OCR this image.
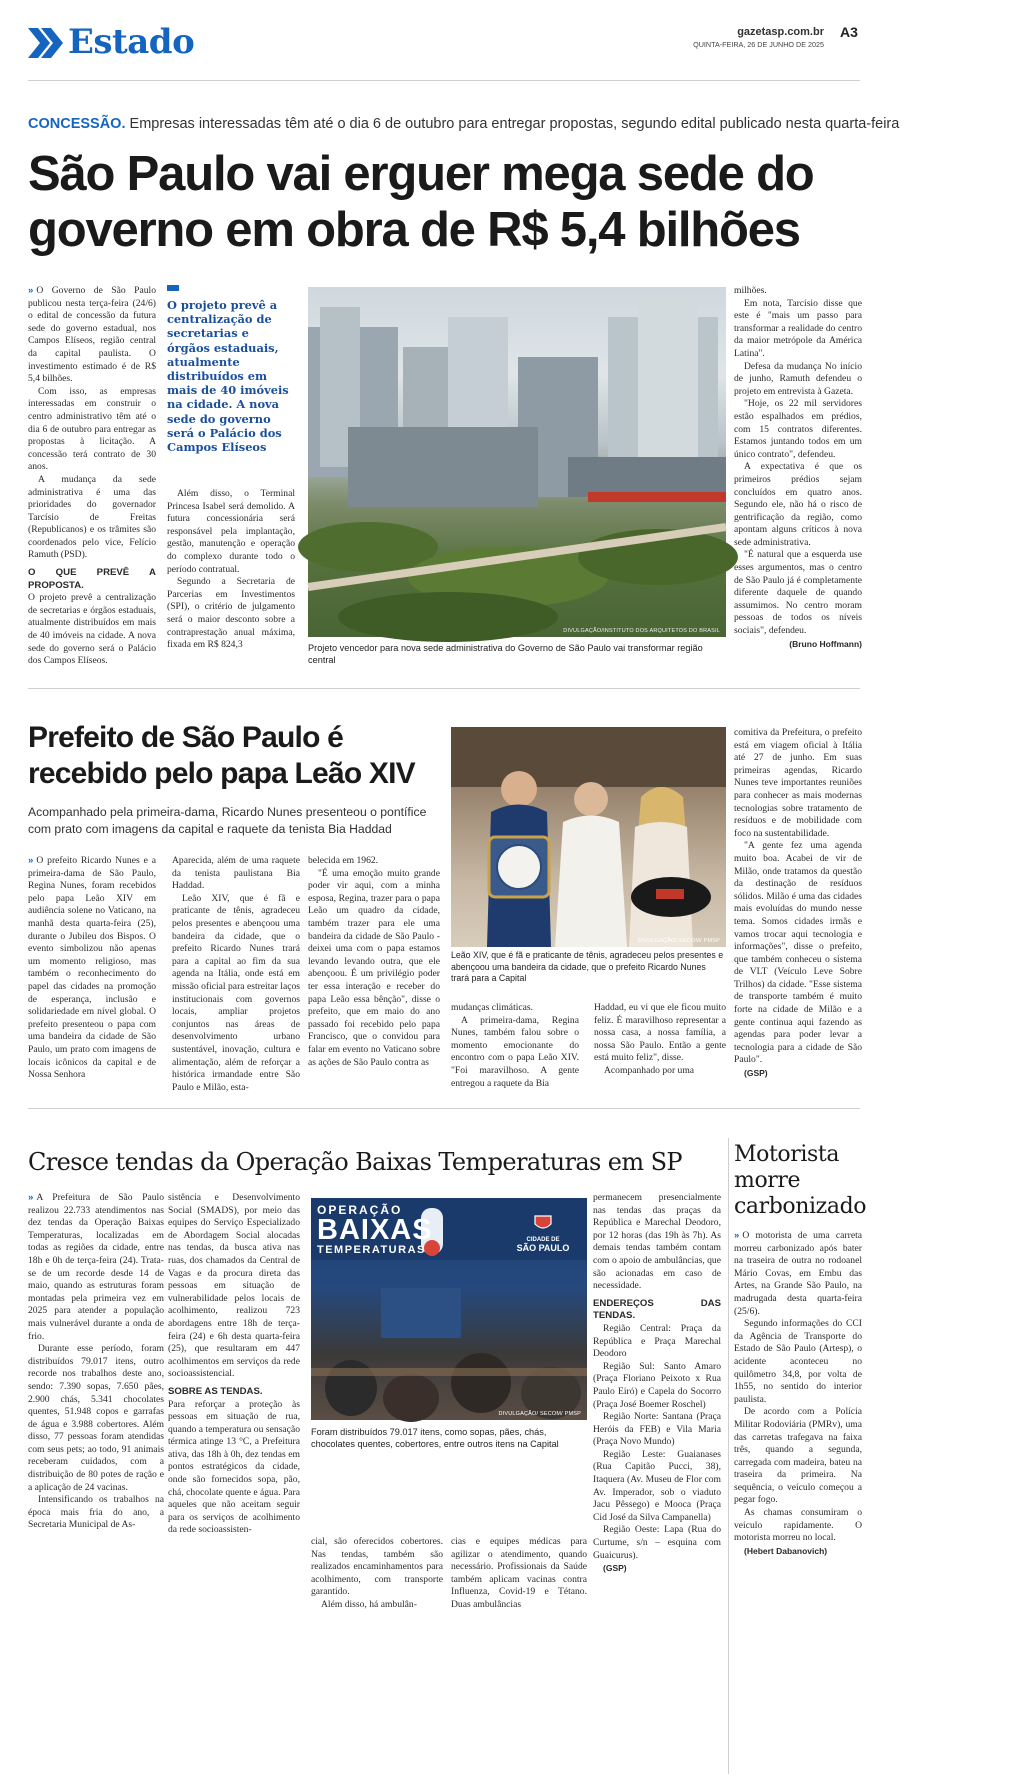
Estado	gazetasp.com.br
QUINTA-FEIRA, 26 DE JUNHO DE 2025
A3
CONCESSÃO. Empresas interessadas têm até o dia 6 de outubro para entregar propostas, segundo edital publicado nesta quarta-feira
São Paulo vai erguer mega sede do
governo em obra de R$ 5,4 bilhões

» O Governo de São Paulo publicou nesta terça-feira (24/6) o edital de concessão da futura sede do governo estadual, nos Campos Elíseos, região central da capital paulista. O investimento estimado é de R$ 5,4 bilhões.

Com isso, as empresas interessadas em construir o centro administrativo têm até o dia 6 de outubro para entregar as propostas à licitação. A concessão terá contrato de 30 anos.

A mudança da sede administrativa é uma das prioridades do governador Tarcísio de Freitas (Republicanos) e os trâmites são coordenados pelo vice, Felício Ramuth (PSD).

O QUE PREVÊ A PROPOSTA.

O projeto prevê a centralização de secretarias e órgãos estaduais, atualmente distribuídos em mais de 40 imóveis na cidade. A nova sede do governo será o Palácio dos Campos Elíseos.

O projeto prevê a centralização de secretarias e órgãos estaduais, atualmente distribuídos em mais de 40 imóveis na cidade. A nova sede do governo será o Palácio dos Campos Elíseos

Além disso, o Terminal Princesa Isabel será demolido. A futura concessionária será responsável pela implantação, gestão, manutenção e operação do complexo durante todo o período contratual.

Segundo a Secretaria de Parcerias em Investimentos (SPI), o critério de julgamento será o maior desconto sobre a contraprestação anual máxima, fixada em R$ 824,3

DIVULGAÇÃO/INSTITUTO DOS ARQUITETOS DO BRASIL
Projeto vencedor para nova sede administrativa do Governo de São Paulo vai transformar região central

milhões.

Em nota, Tarcísio disse que este é "mais um passo para transformar a realidade do centro da maior metrópole da América Latina".

Defesa da mudança No início de junho, Ramuth defendeu o projeto em entrevista à Gazeta.

"Hoje, os 22 mil servidores estão espalhados em prédios, com 15 contratos diferentes. Estamos juntando todos em um único contrato", defendeu.

A expectativa é que os primeiros prédios sejam concluídos em quatro anos. Segundo ele, não há o risco de gentrificação da região, como apontam alguns críticos à nova sede administrativa.

"É natural que a esquerda use esses argumentos, mas o centro de São Paulo já é completamente diferente daquele de quando assumimos. No centro moram pessoas de todos os níveis sociais", defendeu.

(Bruno Hoffmann)

Prefeito de São Paulo é
recebido pelo papa Leão XIV
Acompanhado pela primeira-dama, Ricardo Nunes presenteou o pontífice
com prato com imagens da capital e raquete da tenista Bia Haddad

» O prefeito Ricardo Nunes e a primeira-dama de São Paulo, Regina Nunes, foram recebidos pelo papa Leão XIV em audiência solene no Vaticano, na manhã desta quarta-feira (25), durante o Jubileu dos Bispos. O evento simbolizou não apenas um momento religioso, mas também o reconhecimento do papel das cidades na promoção de esperança, inclusão e solidariedade em nível global. O prefeito presenteou o papa com uma bandeira da cidade de São Paulo, um prato com imagens de locais icônicos da capital e de Nossa Senhora

Aparecida, além de uma raquete da tenista paulistana Bia Haddad.

Leão XIV, que é fã e praticante de tênis, agradeceu pelos presentes e abençoou uma bandeira da cidade, que o prefeito Ricardo Nunes trará para a capital ao fim da sua agenda na Itália, onde está em missão oficial para estreitar laços institucionais com governos locais, ampliar projetos conjuntos nas áreas de desenvolvimento urbano sustentável, inovação, cultura e alimentação, além de reforçar a histórica irmandade entre São Paulo e Milão, esta-

belecida em 1962.

"É uma emoção muito grande poder vir aqui, com a minha esposa, Regina, trazer para o papa Leão um quadro da cidade, também trazer para ele uma bandeira da cidade de São Paulo - deixei uma com o papa estamos levando levando outra, que ele abençoou. É um privilégio poder ter essa interação e receber do papa Leão essa bênção", disse o prefeito, que em maio do ano passado foi recebido pelo papa Francisco, que o convidou para falar em evento no Vaticano sobre as ações de São Paulo contra as

DIVULGAÇÃO/ SECOM/ PMSP
Leão XIV, que é fã e praticante de tênis, agradeceu pelos presentes e abençoou uma bandeira da cidade, que o prefeito Ricardo Nunes trará para a Capital

mudanças climáticas.

A primeira-dama, Regina Nunes, também falou sobre o momento emocionante do encontro com o papa Leão XIV. "Foi maravilhoso. A gente entregou a raquete da Bia

Haddad, eu vi que ele ficou muito feliz. É maravilhoso representar a nossa casa, a nossa família, a nossa São Paulo. Então a gente está muito feliz", disse.

Acompanhado por uma

comitiva da Prefeitura, o prefeito está em viagem oficial à Itália até 27 de junho. Em suas primeiras agendas, Ricardo Nunes teve importantes reuniões para conhecer as mais modernas tecnologias sobre tratamento de resíduos e de mobilidade com foco na sustentabilidade.

"A gente fez uma agenda muito boa. Acabei de vir de Milão, onde tratamos da questão da destinação de resíduos sólidos. Milão é uma das cidades mais evoluídas do mundo nesse tema. Somos cidades irmãs e vamos trocar aqui tecnologia e informações", disse o prefeito, que também conheceu o sistema de VLT (Veículo Leve Sobre Trilhos) da cidade. "Esse sistema de transporte também é muito forte na cidade de Milão e a gente continua aqui fazendo as agendas para poder levar a tecnologia para a cidade de São Paulo".

(GSP)

Cresce tendas da Operação Baixas Temperaturas em SP

» A Prefeitura de São Paulo realizou 22.733 atendimentos nas dez tendas da Operação Baixas Temperaturas, localizadas em todas as regiões da cidade, entre 18h e 0h de terça-feira (24). Trata-se de um recorde desde 14 de maio, quando as estruturas foram montadas pela primeira vez em 2025 para atender a população mais vulnerável durante a onda de frio.

Durante esse período, foram distribuídos 79.017 itens, outro recorde nos trabalhos deste ano, sendo: 7.390 sopas, 7.650 pães, 2.900 chás, 5.341 chocolates quentes, 51.948 copos e garrafas de água e 3.988 cobertores. Além disso, 77 pessoas foram atendidas com seus pets; ao todo, 91 animais receberam cuidados, com a distribuição de 80 potes de ração e a aplicação de 24 vacinas.

Intensificando os trabalhos na época mais fria do ano, a Secretaria Municipal de As-

sistência e Desenvolvimento Social (SMADS), por meio das equipes do Serviço Especializado de Abordagem Social alocadas nas tendas, da busca ativa nas ruas, dos chamados da Central de Vagas e da procura direta das pessoas em situação de vulnerabilidade pelos locais de acolhimento, realizou 723 abordagens entre 18h de terça-feira (24) e 6h desta quarta-feira (25), que resultaram em 447 acolhimentos em serviços da rede socioassistencial.

SOBRE AS TENDAS.

Para reforçar a proteção às pessoas em situação de rua, quando a temperatura ou sensação térmica atinge 13 °C, a Prefeitura ativa, das 18h à 0h, dez tendas em pontos estratégicos da cidade, onde são fornecidos sopa, pão, chá, chocolate quente e água. Para aqueles que não aceitam seguir para os serviços de acolhimento da rede socioassisten-

OPERAÇÃO
BAIXAS
TEMPERATURAS
CIDADE DE
SÃO PAULO
DIVULGAÇÃO/ SECOM/ PMSP
Foram distribuídos 79.017 itens, como sopas, pães, chás, chocolates quentes, cobertores, entre outros itens na Capital

cial, são oferecidos cobertores. Nas tendas, também são realizados encaminhamentos para acolhimento, com transporte garantido.

Além disso, há ambulân-

cias e equipes médicas para agilizar o atendimento, quando necessário. Profissionais da Saúde também aplicam vacinas contra Influenza, Covid-19 e Tétano. Duas ambulâncias

permanecem presencialmente nas tendas das praças da República e Marechal Deodoro, por 12 horas (das 19h às 7h). As demais tendas também contam com o apoio de ambulâncias, que são acionadas em caso de necessidade.

ENDEREÇOS DAS TENDAS.

Região Central: Praça da República e Praça Marechal Deodoro

Região Sul: Santo Amaro (Praça Floriano Peixoto x Rua Paulo Eiró) e Capela do Socorro (Praça José Boemer Roschel)

Região Norte: Santana (Praça Heróis da FEB) e Vila Maria (Praça Novo Mundo)

Região Leste: Guaianases (Rua Capitão Pucci, 38), Itaquera (Av. Museu de Flor com Av. Imperador, sob o viaduto Jacu Pêssego) e Mooca (Praça Cid José da Silva Campanella)

Região Oeste: Lapa (Rua do Curtume, s/n – esquina com Guaicurus).

(GSP)

Motorista
morre
carbonizado

» O motorista de uma carreta morreu carbonizado após bater na traseira de outra no rodoanel Mário Covas, em Embu das Artes, na Grande São Paulo, na madrugada desta quarta-feira (25/6).

Segundo informações do CCI da Agência de Transporte do Estado de São Paulo (Artesp), o acidente aconteceu no quilômetro 34,8, por volta de 1h55, no sentido do interior paulista.

De acordo com a Polícia Militar Rodoviária (PMRv), uma das carretas trafegava na faixa três, quando a segunda, carregada com madeira, bateu na traseira da primeira. Na sequência, o veículo começou a pegar fogo.

As chamas consumiram o veículo rapidamente. O motorista morreu no local.

(Hebert Dabanovich)
